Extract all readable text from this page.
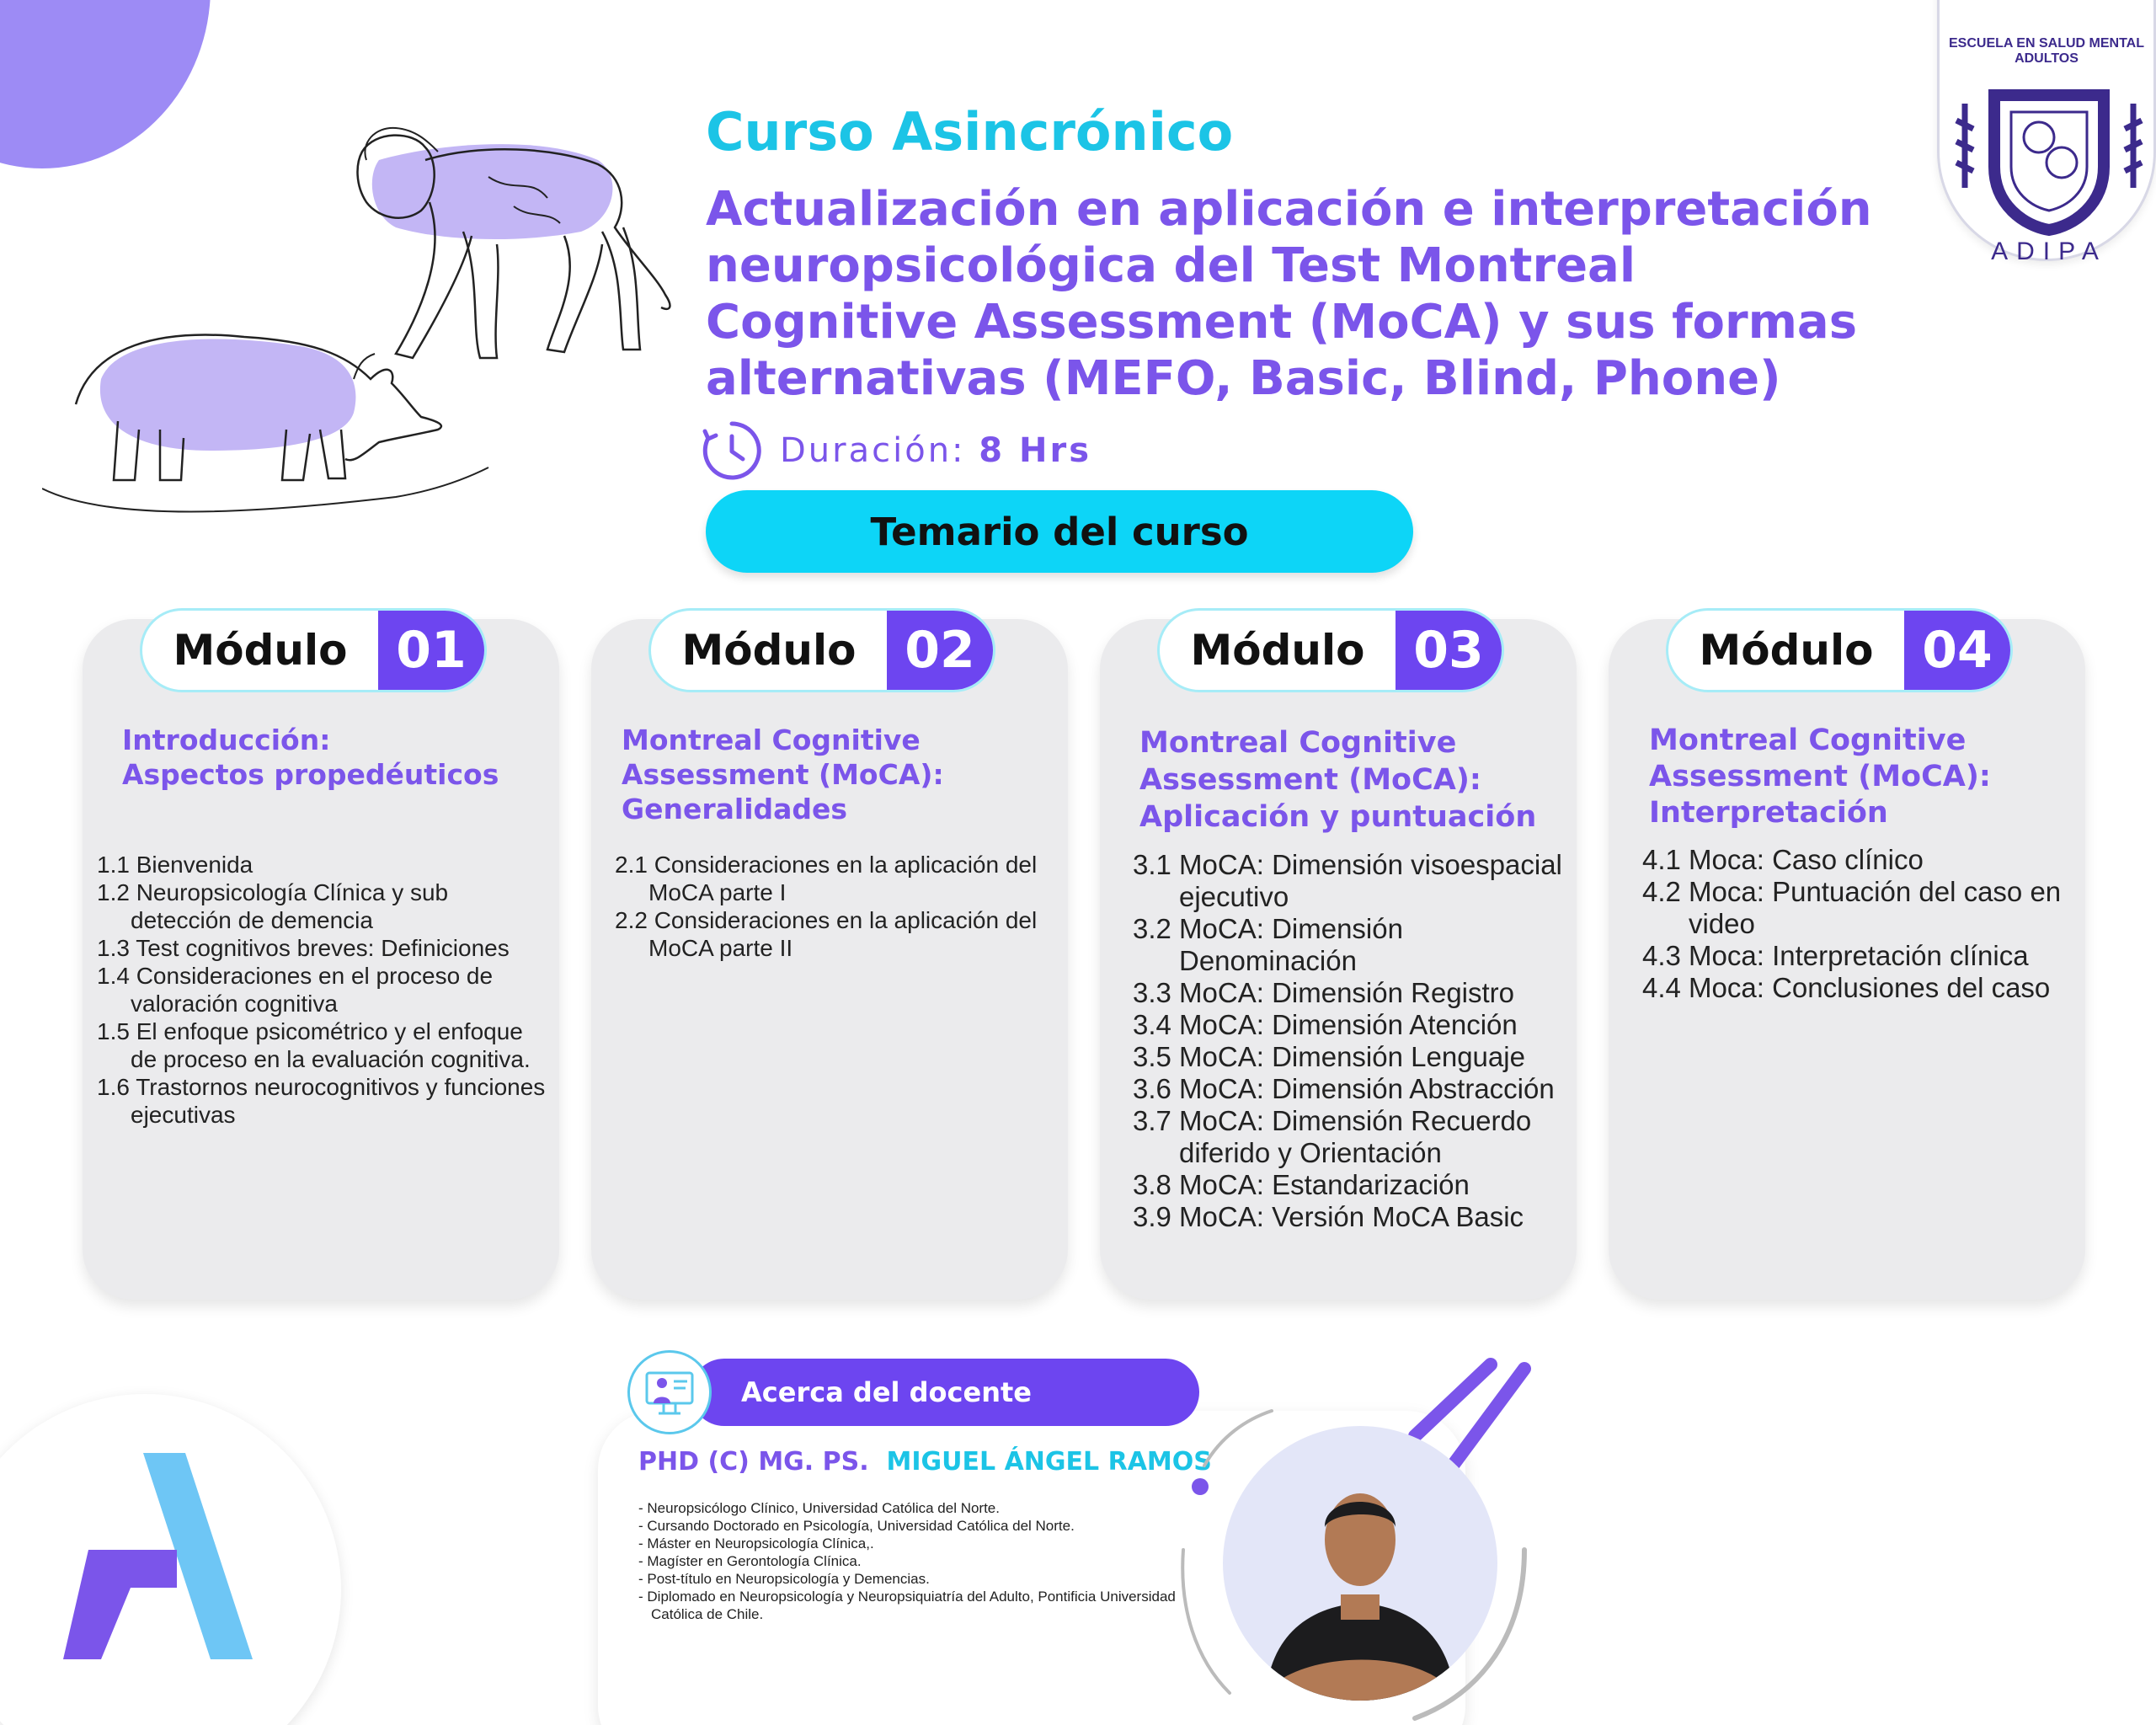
ESCUELA EN SALUD MENTAL
ADULTOS
ADIPA
Curso Asincrónico
Actualización en aplicación e interpretación neuropsicológica del Test Montreal Cognitive Assessment (MoCA) y sus formas alternativas (MEFO, Basic, Blind, Phone)
Duración: 8 Hrs
Temario del curso
Módulo 01
Introducción:
Aspectos propedéuticos
1.1 Bienvenida
1.2 Neuropsicología Clínica y sub detección de demencia
1.3 Test cognitivos breves: Definiciones
1.4 Consideraciones en el proceso de valoración cognitiva
1.5 El enfoque psicométrico y el enfoque de proceso en la evaluación cognitiva.
1.6 Trastornos neurocognitivos y funciones ejecutivas
Módulo 02
Montreal Cognitive Assessment (MoCA): Generalidades
2.1 Consideraciones en la aplicación del MoCA parte I
2.2 Consideraciones en la aplicación del MoCA parte II
Módulo 03
Montreal Cognitive Assessment (MoCA): Aplicación y puntuación
3.1 MoCA: Dimensión visoespacial ejecutivo
3.2 MoCA: Dimensión Denominación
3.3 MoCA: Dimensión Registro
3.4 MoCA: Dimensión Atención
3.5 MoCA: Dimensión Lenguaje
3.6 MoCA: Dimensión Abstracción
3.7 MoCA: Dimensión Recuerdo diferido y Orientación
3.8 MoCA: Estandarización
3.9 MoCA: Versión MoCA Basic
Módulo 04
Montreal Cognitive Assessment (MoCA): Interpretación
4.1 Moca: Caso clínico
4.2 Moca: Puntuación del caso en video
4.3 Moca: Interpretación clínica
4.4 Moca: Conclusiones del caso
Acerca del docente
PHD (C) MG. PS. MIGUEL ÁNGEL RAMOS
- Neuropsicólogo Clínico, Universidad Católica del Norte.
- Cursando Doctorado en Psicología, Universidad Católica del Norte.
- Máster en Neuropsicología Clínica,.
- Magíster en Gerontología Clínica.
- Post-título en Neuropsicología y Demencias.
- Diplomado en Neuropsicología y Neuropsiquiatría del Adulto, Pontificia Universidad Católica de Chile.
